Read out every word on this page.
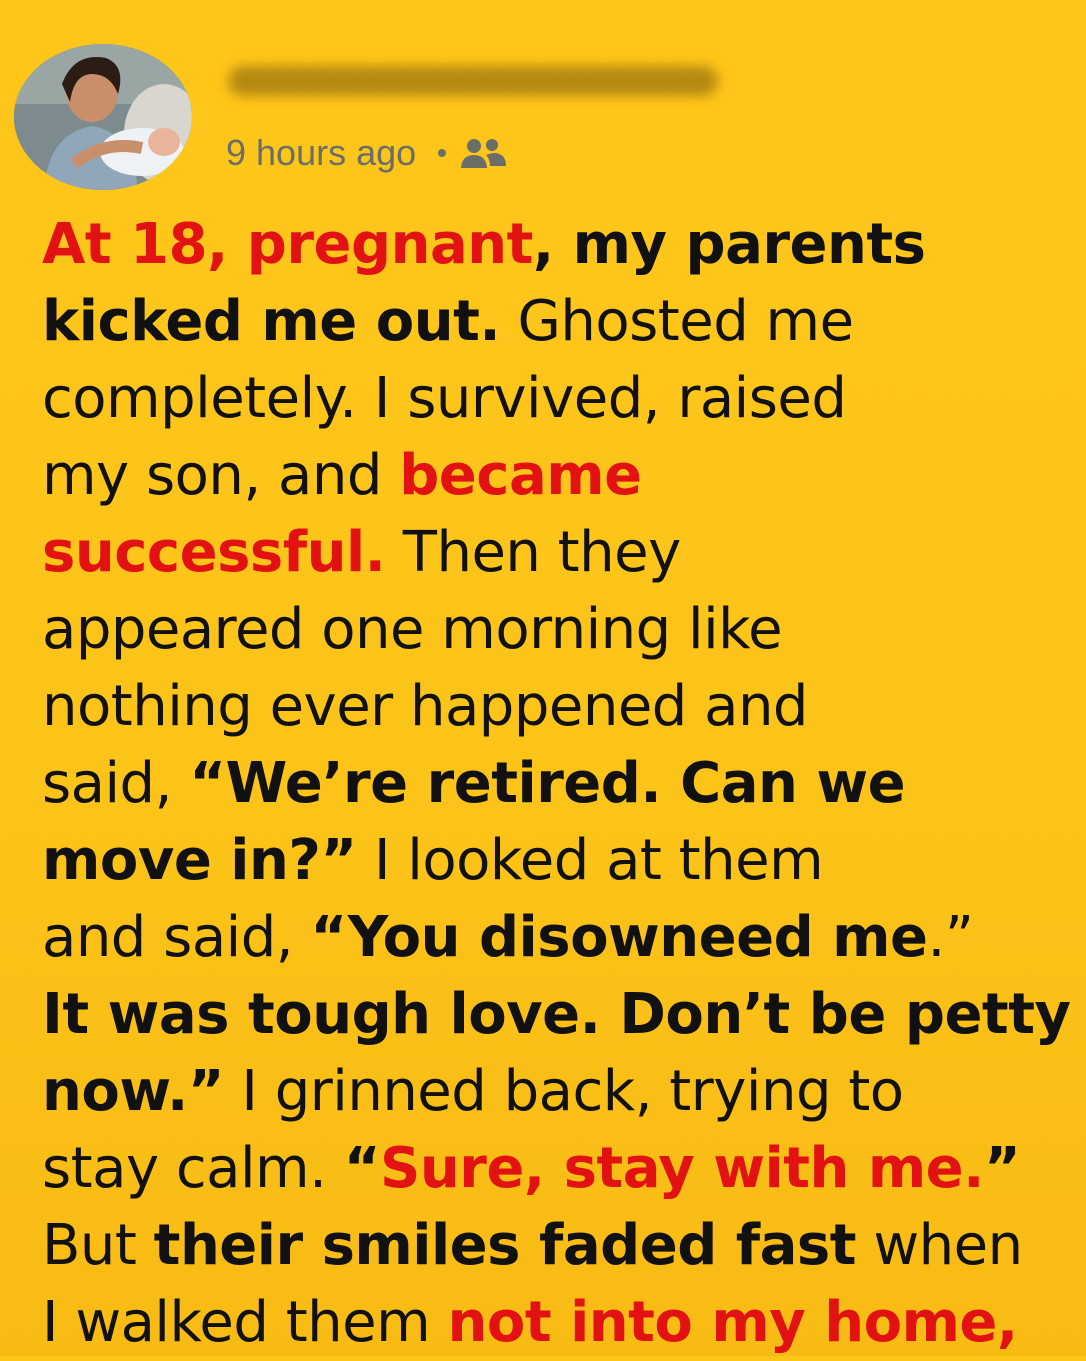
9 hours ago

At 18, pregnant, my parents
kicked me out. Ghosted me
completely. I survived, raised
my son, and became
successful. Then they
appeared one morning like
nothing ever happened and
said, “We’re retired. Can we
move in?” I looked at them
and said, “You disowneed me.”
It was tough love. Don’t be petty
now.” I grinned back, trying to
stay calm. “Sure, stay with me.”
But their smiles faded fast when
I walked them not into my home,
